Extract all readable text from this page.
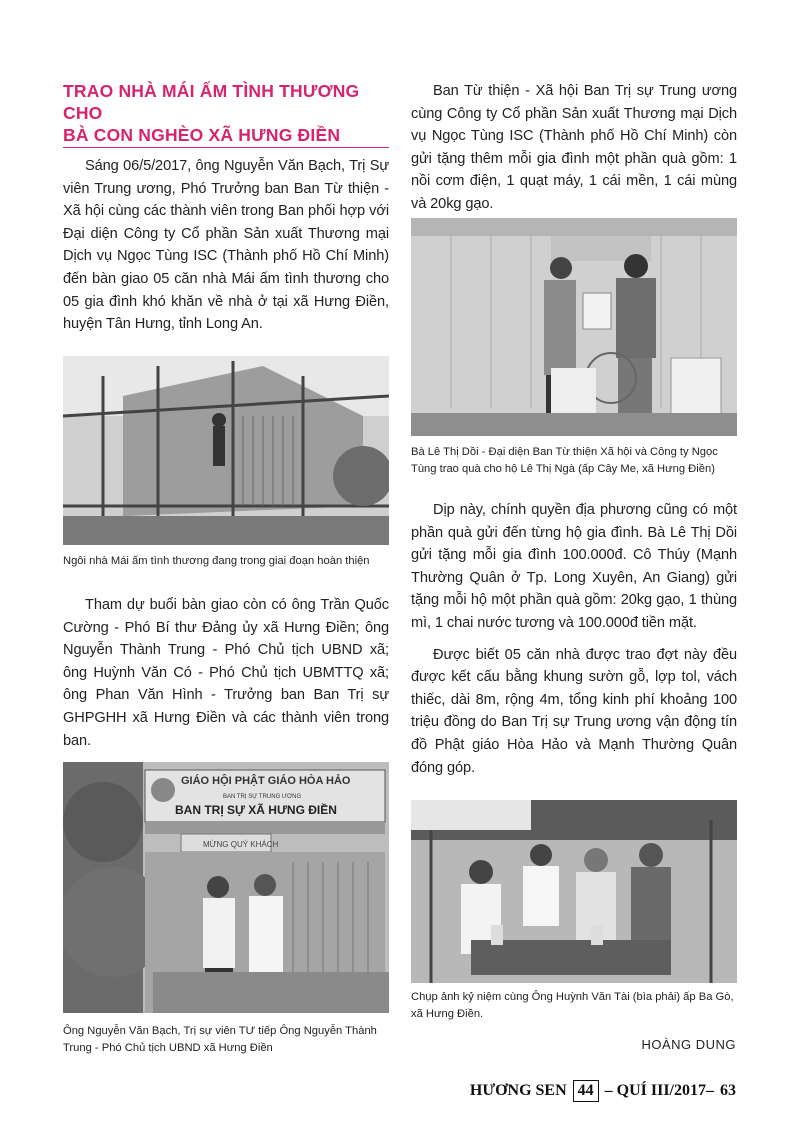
TRAO NHÀ MÁI ẤM TÌNH THƯƠNG CHO
BÀ CON NGHÈO XÃ HƯNG ĐIỀN

Sáng 06/5/2017, ông Nguyễn Văn Bạch, Trị Sự viên Trung ương, Phó Trưởng ban Ban Từ thiện - Xã hội cùng các thành viên trong Ban phối hợp với Đại diện Công ty Cổ phần Sản xuất Thương mại Dịch vụ Ngọc Tùng ISC (Thành phố Hồ Chí Minh) đến bàn giao 05 căn nhà Mái ấm tình thương cho 05 gia đình khó khăn về nhà ở tại xã Hưng Điền, huyện Tân Hưng, tỉnh Long An.

Ngôi nhà Mái ấm tình thương đang trong giai đoạn hoàn thiện

Tham dự buổi bàn giao còn có ông Trần Quốc Cường - Phó Bí thư Đảng ủy xã Hưng Điền; ông Nguyễn Thành Trung - Phó Chủ tịch UBND xã; ông Huỳnh Văn Có - Phó Chủ tịch UBMTTQ xã; ông Phan Văn Hình - Trưởng ban Ban Trị sự GHPGHH xã Hưng Điền và các thành viên trong ban.

GIÁO HỘI PHẬT GIÁO HÒA HẢO
BAN TRỊ SỰ TRUNG ƯƠNG
BAN TRỊ SỰ XÃ HƯNG ĐIỀN
MỪNG QUÝ KHÁCH

Ông Nguyễn Văn Bạch, Trị sự viên TƯ tiếp Ông Nguyễn Thành Trung - Phó Chủ tịch UBND xã Hưng Điền

Ban Từ thiện - Xã hội Ban Trị sự Trung ương cùng Công ty Cổ phần Sản xuất Thương mại Dịch vụ Ngọc Tùng ISC (Thành phố Hồ Chí Minh) còn gửi tặng thêm mỗi gia đình một phần quà gồm: 1 nồi cơm điện, 1 quạt máy, 1 cái mền, 1 cái mùng và 20kg gạo.

Bà Lê Thị Dồi - Đại diện Ban Từ thiện Xã hội và Công ty Ngọc Tùng trao quà cho hộ Lê Thị Ngà (ấp Cây Me, xã Hưng Điền)

Dịp này, chính quyền địa phương cũng có một phần quà gửi đến từng hộ gia đình. Bà Lê Thị Dồi gửi tặng mỗi gia đình 100.000đ. Cô Thúy (Mạnh Thường Quân ở Tp. Long Xuyên, An Giang) gửi tặng mỗi hộ một phần quà gồm: 20kg gạo, 1 thùng mì, 1 chai nước tương và 100.000đ tiền mặt.

Được biết 05 căn nhà được trao đợt này đều được kết cấu bằng khung sườn gỗ, lợp tol, vách thiếc, dài 8m, rộng 4m, tổng kinh phí khoảng 100 triệu đồng do Ban Trị sự Trung ương vận động tín đồ Phật giáo Hòa Hảo và Mạnh Thường Quân đóng góp.

Chụp ảnh kỷ niệm cùng Ông Huỳnh Văn Tài (bìa phải) ấp Ba Gò, xã Hưng Điền.

HOÀNG DUNG
HƯƠNG SEN 44 – QUÍ III/2017– 63
